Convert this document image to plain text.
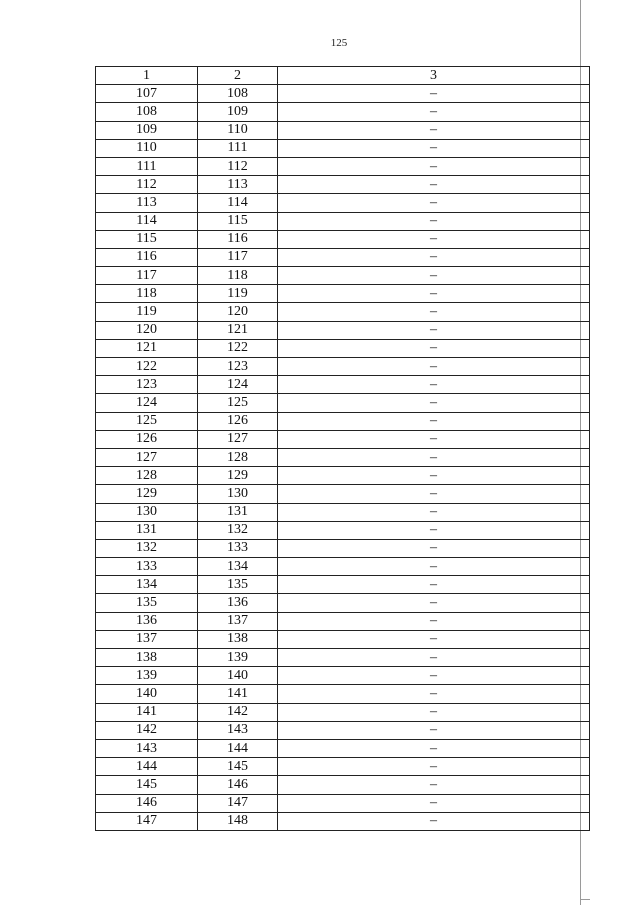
125
1	2	3
107	108	–
108	109	–
109	110	–
110	111	–
111	112	–
112	113	–
113	114	–
114	115	–
115	116	–
116	117	–
117	118	–
118	119	–
119	120	–
120	121	–
121	122	–
122	123	–
123	124	–
124	125	–
125	126	–
126	127	–
127	128	–
128	129	–
129	130	–
130	131	–
131	132	–
132	133	–
133	134	–
134	135	–
135	136	–
136	137	–
137	138	–
138	139	–
139	140	–
140	141	–
141	142	–
142	143	–
143	144	–
144	145	–
145	146	–
146	147	–
147	148	–
